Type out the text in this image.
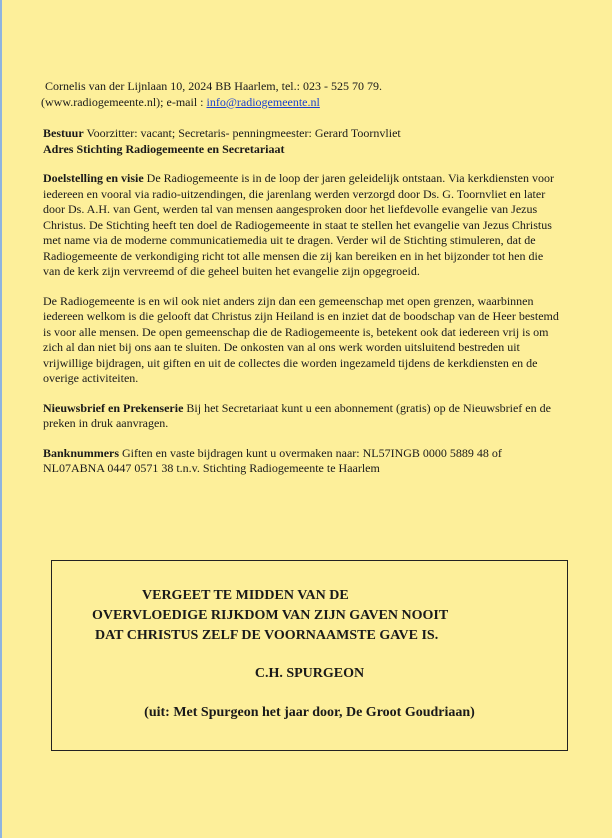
Cornelis van der Lijnlaan 10, 2024 BB Haarlem, tel.: 023 - 525 70 79.

(www.radiogemeente.nl); e-mail : info@radiogemeente.nl

Bestuur Voorzitter: vacant; Secretaris- penningmeester: Gerard Toornvliet

Adres Stichting Radiogemeente en Secretariaat

Doelstelling en visie De Radiogemeente is in de loop der jaren geleidelijk ontstaan. Via kerkdiensten voor iedereen en vooral via radio-uitzendingen, die jarenlang werden verzorgd door Ds. G. Toornvliet en later door Ds. A.H. van Gent, werden tal van mensen aangesproken door het liefdevolle evangelie van Jezus Christus. De Stichting heeft ten doel de Radiogemeente in staat te stellen het evangelie van Jezus Christus met name via de moderne communicatiemedia uit te dragen. Verder wil de Stichting stimuleren, dat de Radiogemeente de verkondiging richt tot alle mensen die zij kan bereiken en in het bijzonder tot hen die van de kerk zijn vervreemd of die geheel buiten het evangelie zijn opgegroeid.

De Radiogemeente is en wil ook niet anders zijn dan een gemeenschap met open grenzen, waarbinnen iedereen welkom is die gelooft dat Christus zijn Heiland is en inziet dat de boodschap van de Heer bestemd is voor alle mensen. De open gemeenschap die de Radiogemeente is, betekent ook dat iedereen vrij is om zich al dan niet bij ons aan te sluiten. De onkosten van al ons werk worden uitsluitend bestreden uit vrijwillige bijdragen, uit giften en uit de collectes die worden ingezameld tijdens de kerkdiensten en de overige activiteiten.

Nieuwsbrief en Prekenserie Bij het Secretariaat kunt u een abonnement (gratis) op de Nieuwsbrief en de preken in druk aanvragen.

Banknummers Giften en vaste bijdragen kunt u overmaken naar: NL57INGB 0000 5889 48 of NL07ABNA 0447 0571 38 t.n.v. Stichting Radiogemeente te Haarlem

VERGEET TE MIDDEN VAN DE
OVERVLOEDIGE RIJKDOM VAN ZIJN GAVEN NOOIT
DAT CHRISTUS ZELF DE VOORNAAMSTE GAVE IS.
C.H. SPURGEON
(uit: Met Spurgeon het jaar door, De Groot Goudriaan)
